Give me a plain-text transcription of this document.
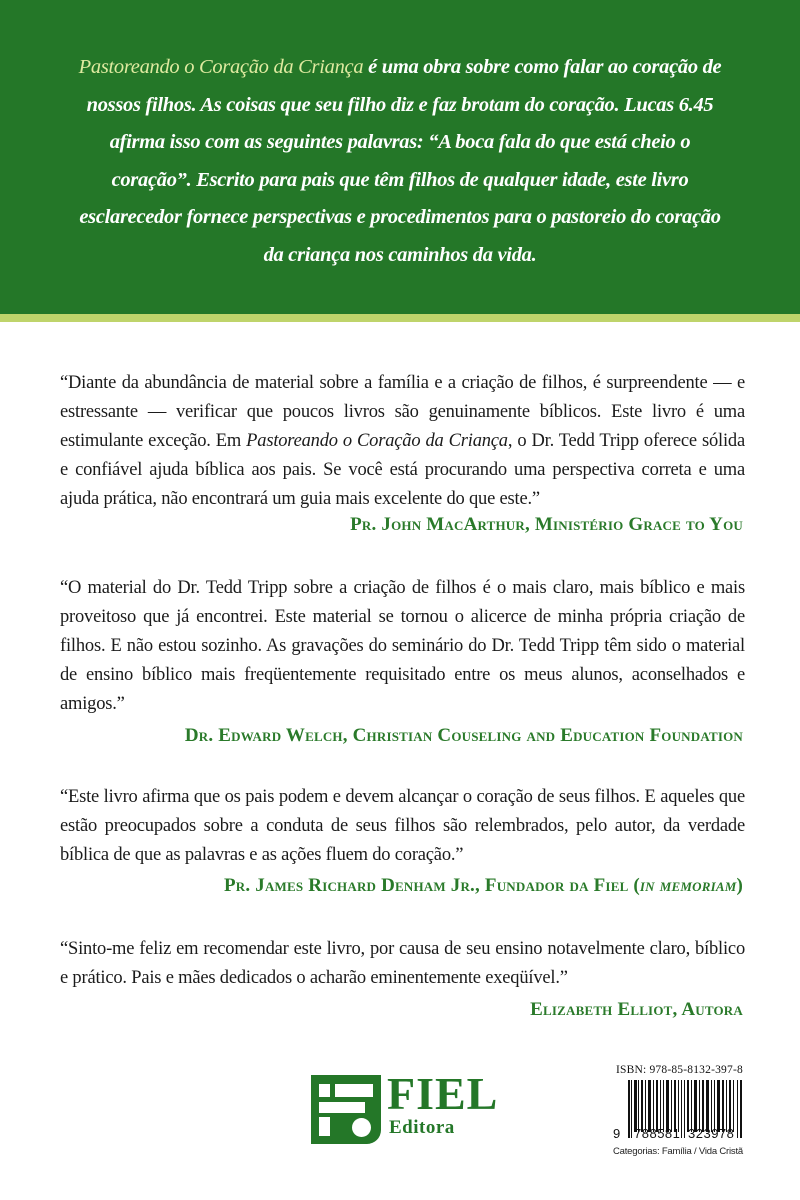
Pastoreando o Coração da Criança é uma obra sobre como falar ao coração de nossos filhos. As coisas que seu filho diz e faz brotam do coração. Lucas 6.45 afirma isso com as seguintes palavras: “A boca fala do que está cheio o coração”. Escrito para pais que têm filhos de qualquer idade, este livro esclarecedor fornece perspectivas e procedimentos para o pastoreio do coração da criança nos caminhos da vida.
“Diante da abundância de material sobre a família e a criação de filhos, é surpreendente — e estressante — verificar que poucos livros são genuinamente bíblicos. Este livro é uma estimulante exceção. Em Pastoreando o Coração da Criança, o Dr. Tedd Tripp oferece sólida e confiável ajuda bíblica aos pais. Se você está procurando uma perspectiva correta e uma ajuda prática, não encontrará um guia mais excelente do que este.”
Pr. John MacArthur, Ministério Grace to You
“O material do Dr. Tedd Tripp sobre a criação de filhos é o mais claro, mais bíblico e mais proveitoso que já encontrei. Este material se tornou o alicerce de minha própria criação de filhos. E não estou sozinho. As gravações do seminário do Dr. Tedd Tripp têm sido o material de ensino bíblico mais freqüentemente requisitado entre os meus alunos, aconselhados e amigos.”
Dr. Edward Welch, Christian Couseling and Education Foundation
“Este livro afirma que os pais podem e devem alcançar o coração de seus filhos. E aqueles que estão preocupados sobre a conduta de seus filhos são relembrados, pelo autor, da verdade bíblica de que as palavras e as ações fluem do coração.”
Pr. James Richard Denham Jr., Fundador da Fiel (in memoriam)
“Sinto-me feliz em recomendar este livro, por causa de seu ensino notavelmente claro, bíblico e prático. Pais e mães dedicados o acharão eminentemente exeqüível.”
Elizabeth Elliot, Autora
FIEL
Editora
ISBN: 978-85-8132-397-8
9 788581 323978
Categorias: Família / Vida Cristã
